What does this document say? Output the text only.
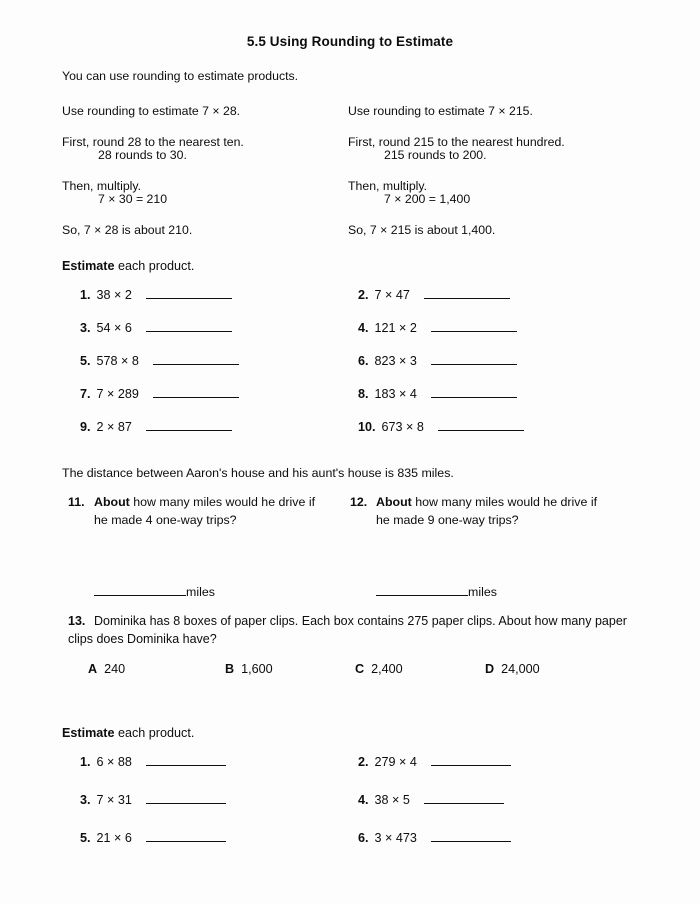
5.5 Using Rounding to Estimate

You can use rounding to estimate products.

Use rounding to estimate 7 × 28.
First, round 28 to the nearest ten.
28 rounds to 30.
Then, multiply.
7 × 30 = 210
So, 7 × 28 is about 210.
Use rounding to estimate 7 × 215.
First, round 215 to the nearest hundred.
215 rounds to 200.
Then, multiply.
7 × 200 = 1,400
So, 7 × 215 is about 1,400.
Estimate each product.
1. 38 × 2	2. 7 × 47
3. 54 × 6	4. 121 × 2
5. 578 × 8	6. 823 × 3
7. 7 × 289	8. 183 × 4
9. 2 × 87	10. 673 × 8
The distance between Aaron's house and his aunt's house is 835 miles.
11. About how many miles would he drive if he made 4 one-way trips?
miles
12. About how many miles would he drive if he made 9 one-way trips?
miles
13. Dominika has 8 boxes of paper clips. Each box contains 275 paper clips. About how many paper clips does Dominika have?
A 240	B 1,600	C 2,400	D 24,000
Estimate each product.
1. 6 × 88	2. 279 × 4
3. 7 × 31	4. 38 × 5
5. 21 × 6	6. 3 × 473
